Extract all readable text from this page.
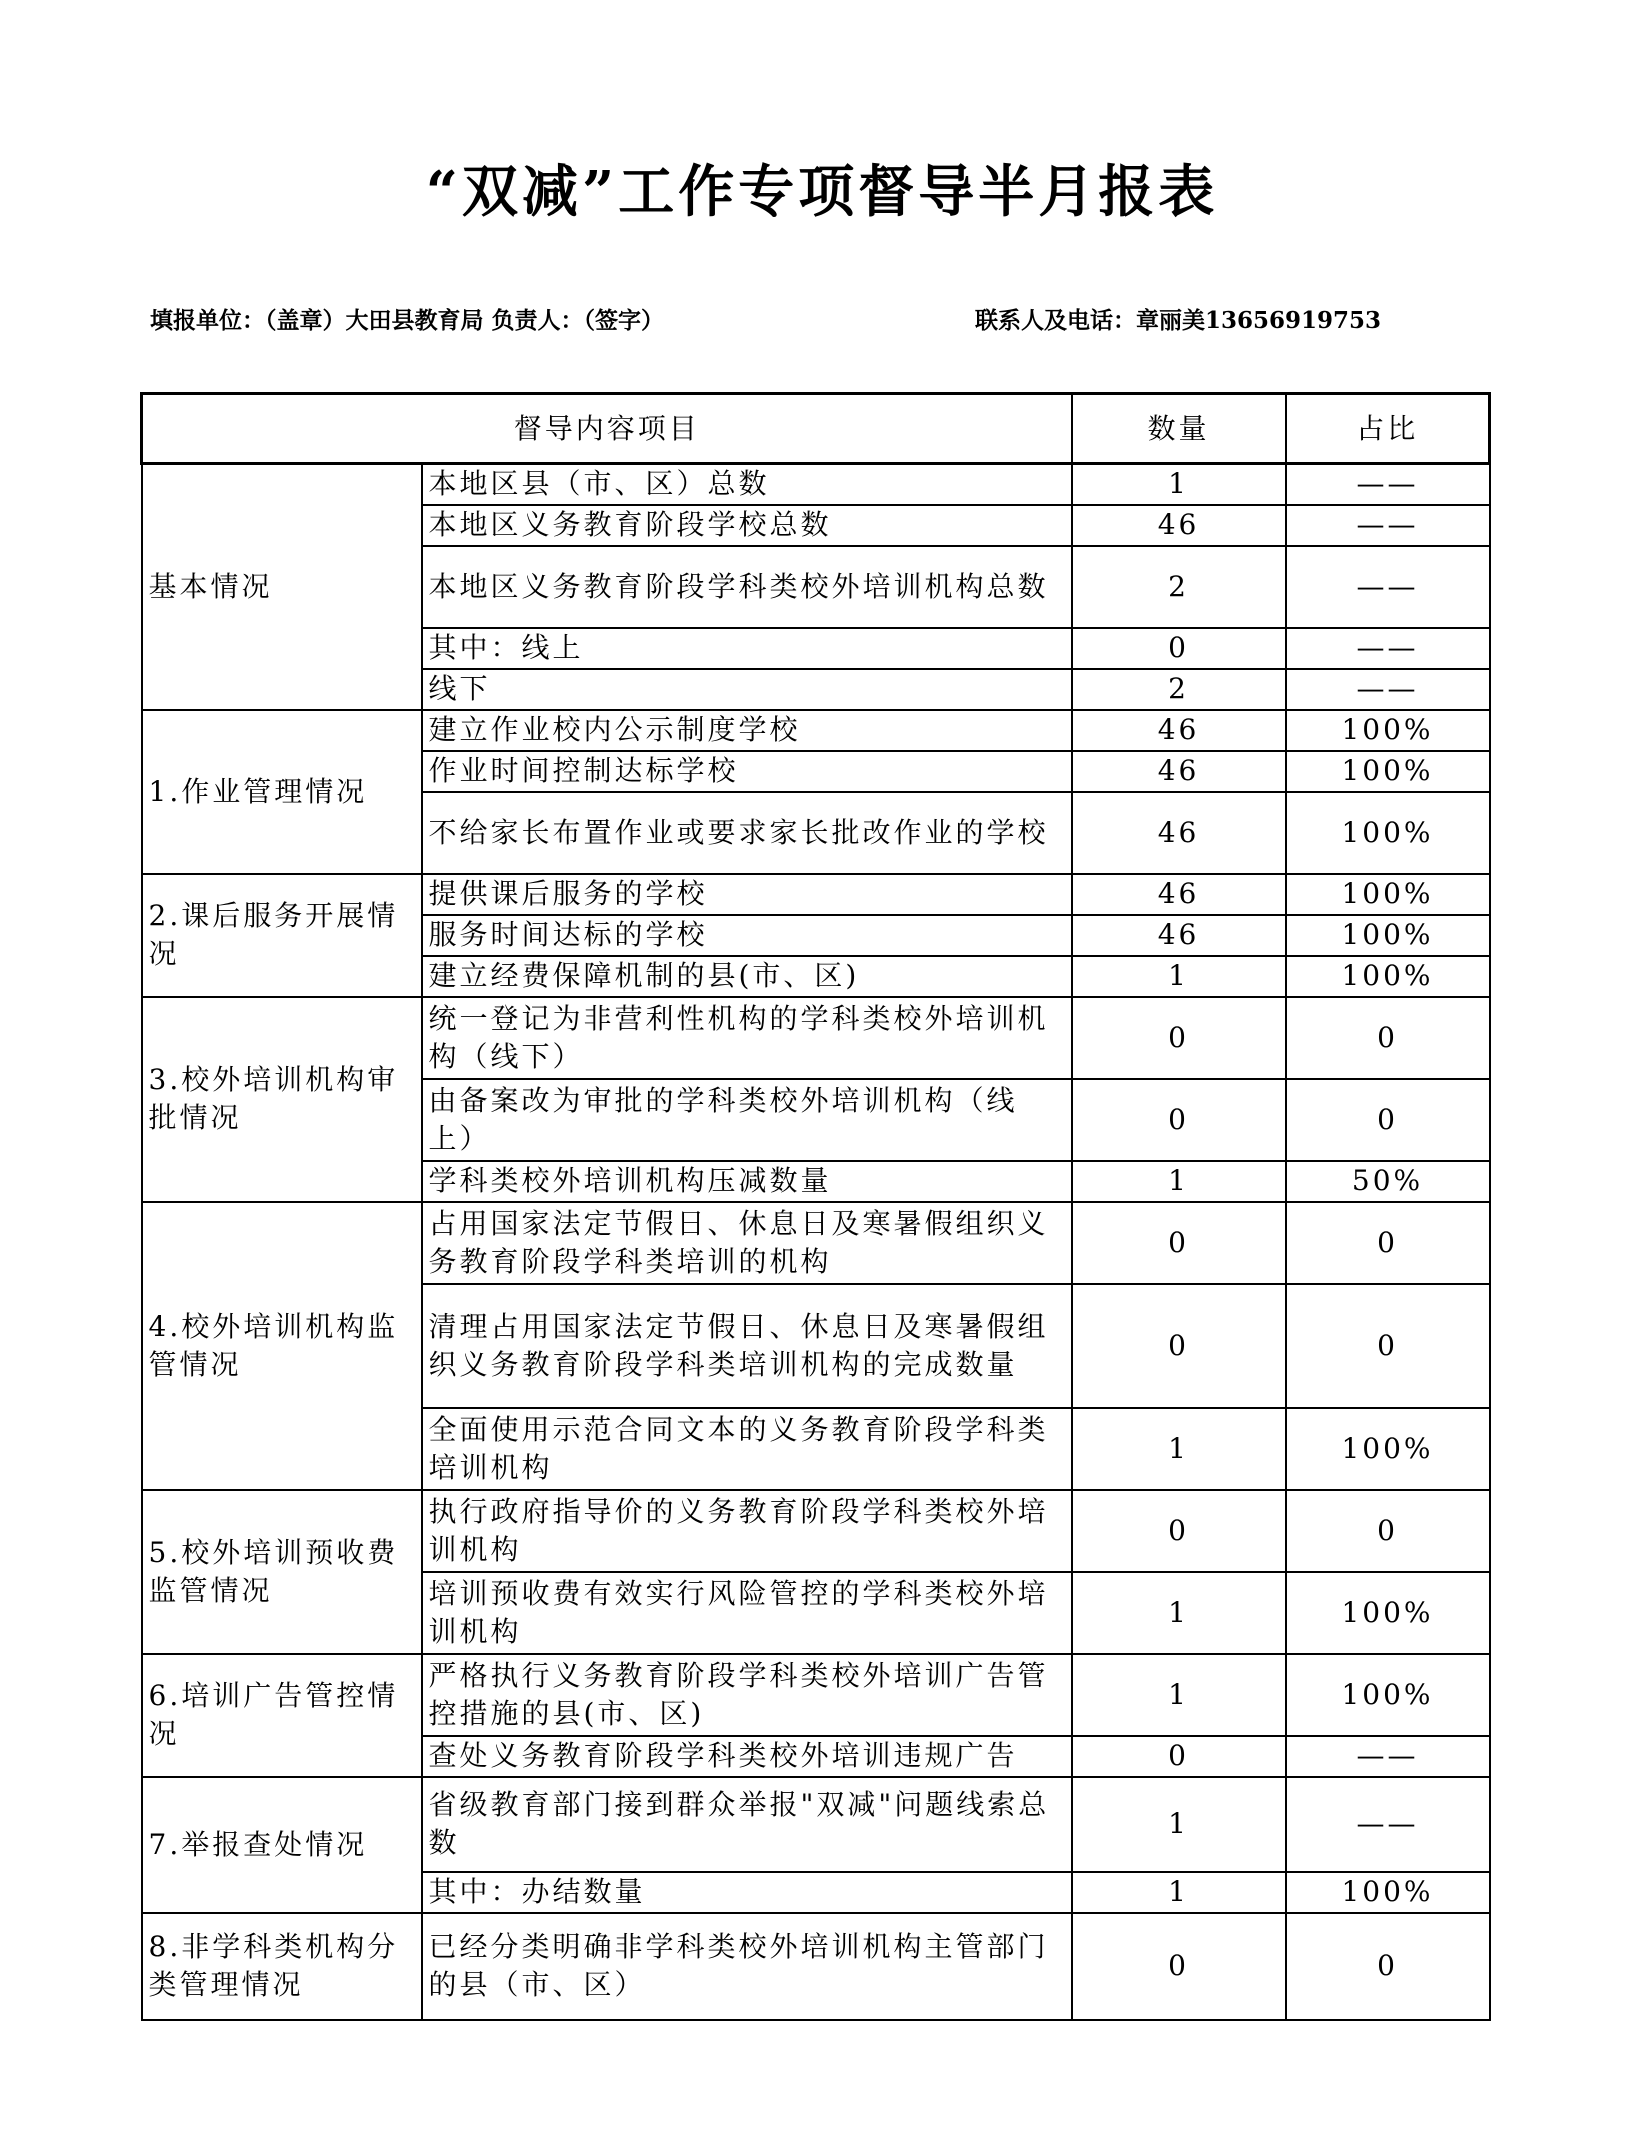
“双减”工作专项督导半月报表
填报单位：（盖章）大田县教育局 负责人：（签字）	联系人及电话：章丽美13656919753
督导内容项目		数量	占比
基本情况	本地区县（市、区）总数	1	——
	本地区义务教育阶段学校总数	46	——
	本地区义务教育阶段学科类校外培训机构总数	2	——
	其中：线上	0	——
	线下	2	——
1.作业管理情况	建立作业校内公示制度学校	46	100%
	作业时间控制达标学校	46	100%
	不给家长布置作业或要求家长批改作业的学校	46	100%
2.课后服务开展情况	提供课后服务的学校	46	100%
	服务时间达标的学校	46	100%
	建立经费保障机制的县(市、区)	1	100%
3.校外培训机构审批情况	统一登记为非营利性机构的学科类校外培训机构（线下）	0	0
	由备案改为审批的学科类校外培训机构（线上）	0	0
	学科类校外培训机构压减数量	1	50%
4.校外培训机构监管情况	占用国家法定节假日、休息日及寒暑假组织义务教育阶段学科类培训的机构	0	0
	清理占用国家法定节假日、休息日及寒暑假组织义务教育阶段学科类培训机构的完成数量	0	0
	全面使用示范合同文本的义务教育阶段学科类培训机构	1	100%
5.校外培训预收费监管情况	执行政府指导价的义务教育阶段学科类校外培训机构	0	0
	培训预收费有效实行风险管控的学科类校外培训机构	1	100%
6.培训广告管控情况	严格执行义务教育阶段学科类校外培训广告管控措施的县(市、区)	1	100%
	查处义务教育阶段学科类校外培训违规广告	0	——
7.举报查处情况	省级教育部门接到群众举报"双减"问题线索总数	1	——
	其中：办结数量	1	100%
8.非学科类机构分类管理情况	已经分类明确非学科类校外培训机构主管部门的县（市、区）	0	0
